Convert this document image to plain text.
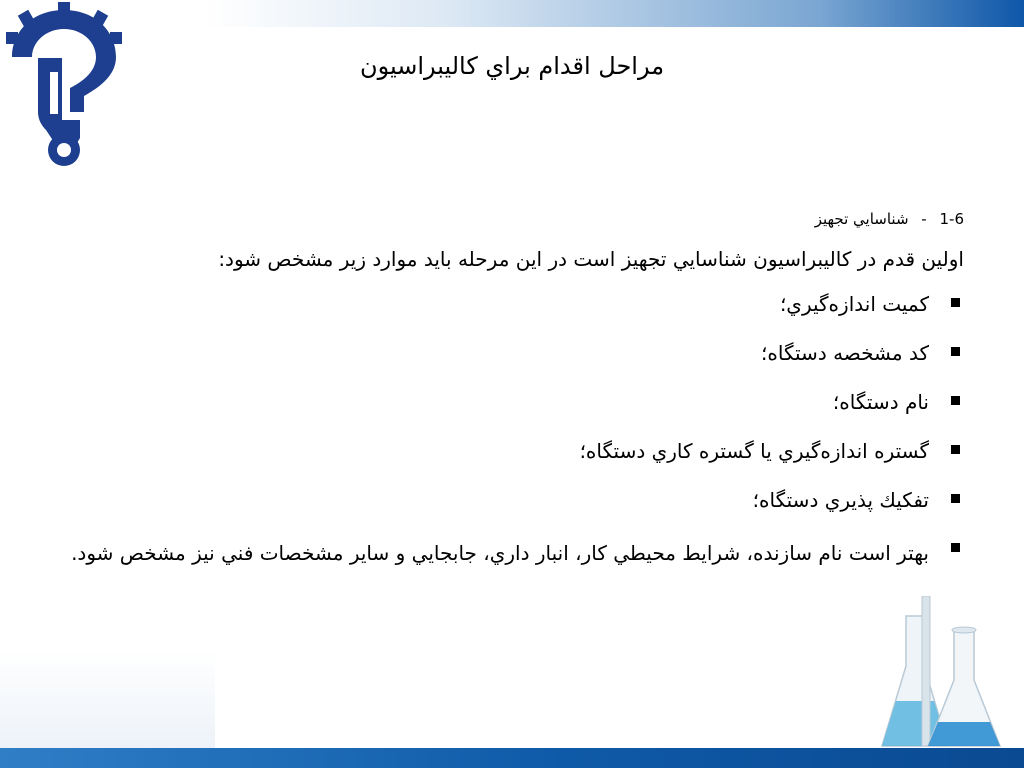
مراحل اقدام براي كاليبراسيون
1-6 - شناسايي تجهيز
اولين قدم در كاليبراسيون شناسايي تجهيز است در اين مرحله بايد موارد زير مشخص شود:
كميت اندازه‌گيري؛
كد مشخصه دستگاه؛
نام دستگاه؛
گستره اندازه‌گيري يا گستره كاري دستگاه؛
تفكيك پذيري دستگاه؛
بهتر است نام سازنده، شرايط محيطي كار، انبار داري، جابجايي و ساير مشخصات فني نيز مشخص شود.
